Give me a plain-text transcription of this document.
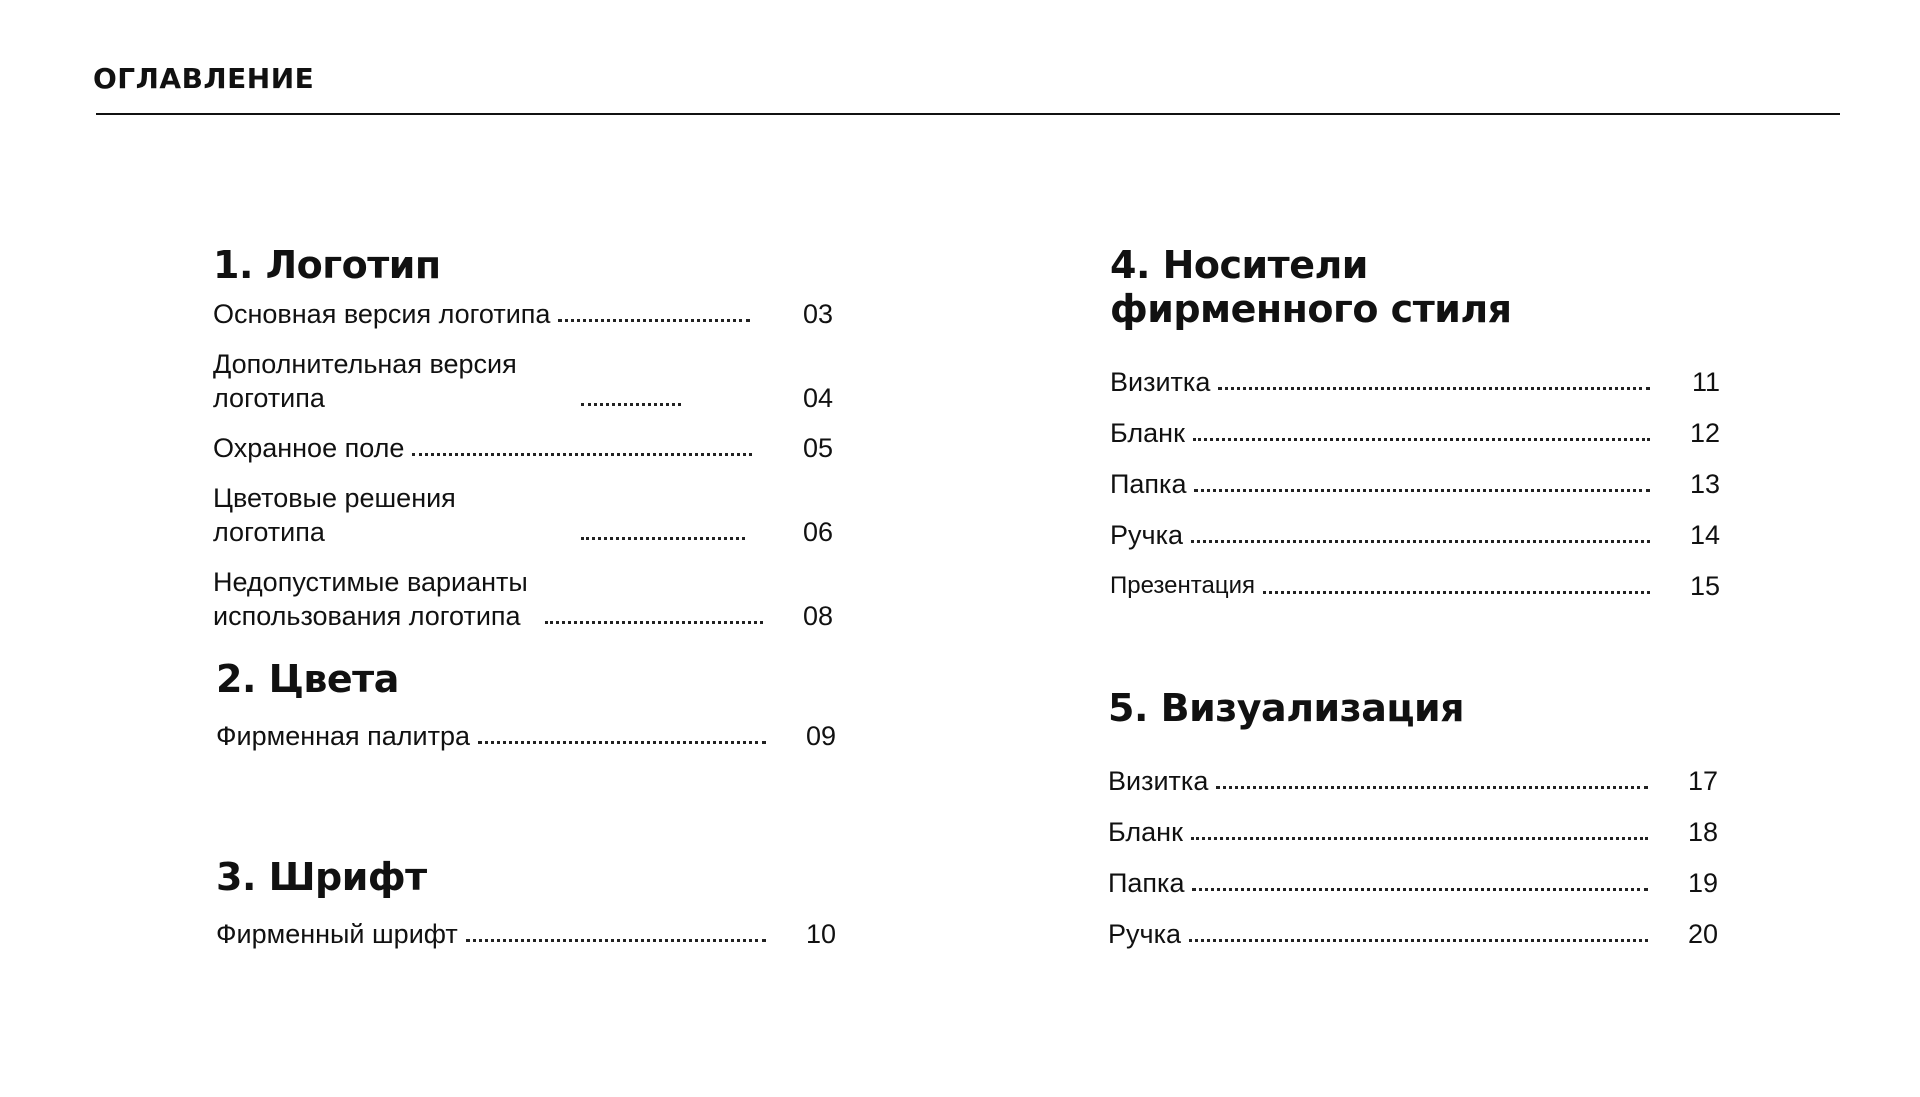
ОГЛАВЛЕНИЕ
1. Логотип
Основная версия логотипа	03
Дополнительная версия логотипа	04
Охранное поле	05
Цветовые решения логотипа	06
Недопустимые варианты использования логотипа	08
2. Цвета
Фирменная палитра	09
3. Шрифт
Фирменный шрифт	10
4. Носители фирменного стиля
Визитка	11
Бланк	12
Папка	13
Ручка	14
Презентация	15
5. Визуализация
Визитка	17
Бланк	18
Папка	19
Ручка	20
